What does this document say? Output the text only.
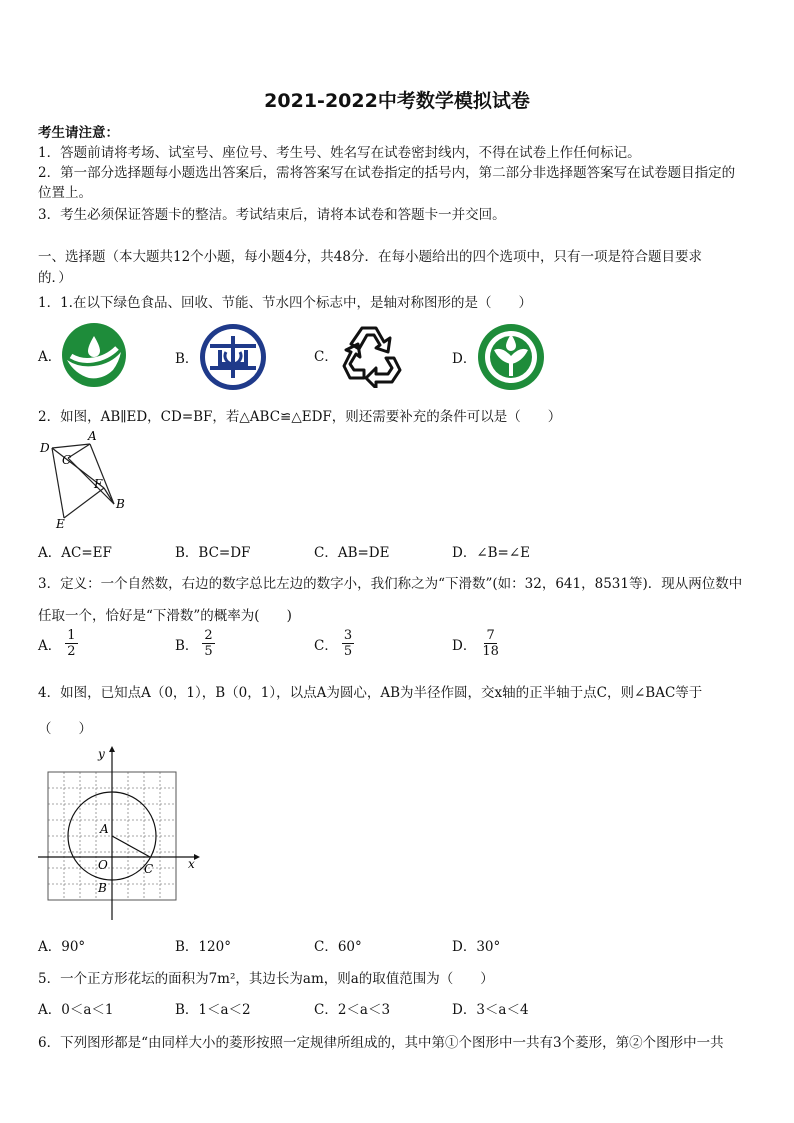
2021-2022中考数学模拟试卷
考生请注意：
1．答题前请将考场、试室号、座位号、考生号、姓名写在试卷密封线内，不得在试卷上作任何标记。
2．第一部分选择题每小题选出答案后，需将答案写在试卷指定的括号内，第二部分非选择题答案写在试卷题目指定的
位置上。
3．考生必须保证答题卡的整洁。考试结束后，请将本试卷和答题卡一并交回。
一、选择题（本大题共12个小题，每小题4分，共48分．在每小题给出的四个选项中，只有一项是符合题目要求
的．）
1．1.在以下绿色食品、回收、节能、节水四个标志中，是轴对称图形的是（　　）
A．	B．	C．	D．
2．如图，AB∥ED，CD=BF，若△ABC≌△EDF，则还需要补充的条件可以是（　　）
D
A
C
F
B
E
A．AC=EF	B．BC=DF	C．AB=DE	D．∠B=∠E
3．定义：一个自然数，右边的数字总比左边的数字小，我们称之为“下滑数”(如：32，641，8531等)．现从两位数中
任取一个，恰好是“下滑数”的概率为(　　)
A． $\frac{1}{2}$	B． $\frac{2}{5}$	C． $\frac{3}{5}$	D． $\frac{7}{18}$
4．如图，已知点A（0，1），B（0，1），以点A为圆心，AB为半径作圆，交x轴的正半轴于点C，则∠BAC等于
（　　）
y
x
A
O
B
C
A．90°	B．120°	C．60°	D．30°
5．一个正方形花坛的面积为7m²，其边长为am，则a的取值范围为（　　）
A．0＜a＜1	B．1＜a＜2	C．2＜a＜3	D．3＜a＜4
6．下列图形都是“由同样大小的菱形按照一定规律所组成的，其中第①个图形中一共有3个菱形，第②个图形中一共
